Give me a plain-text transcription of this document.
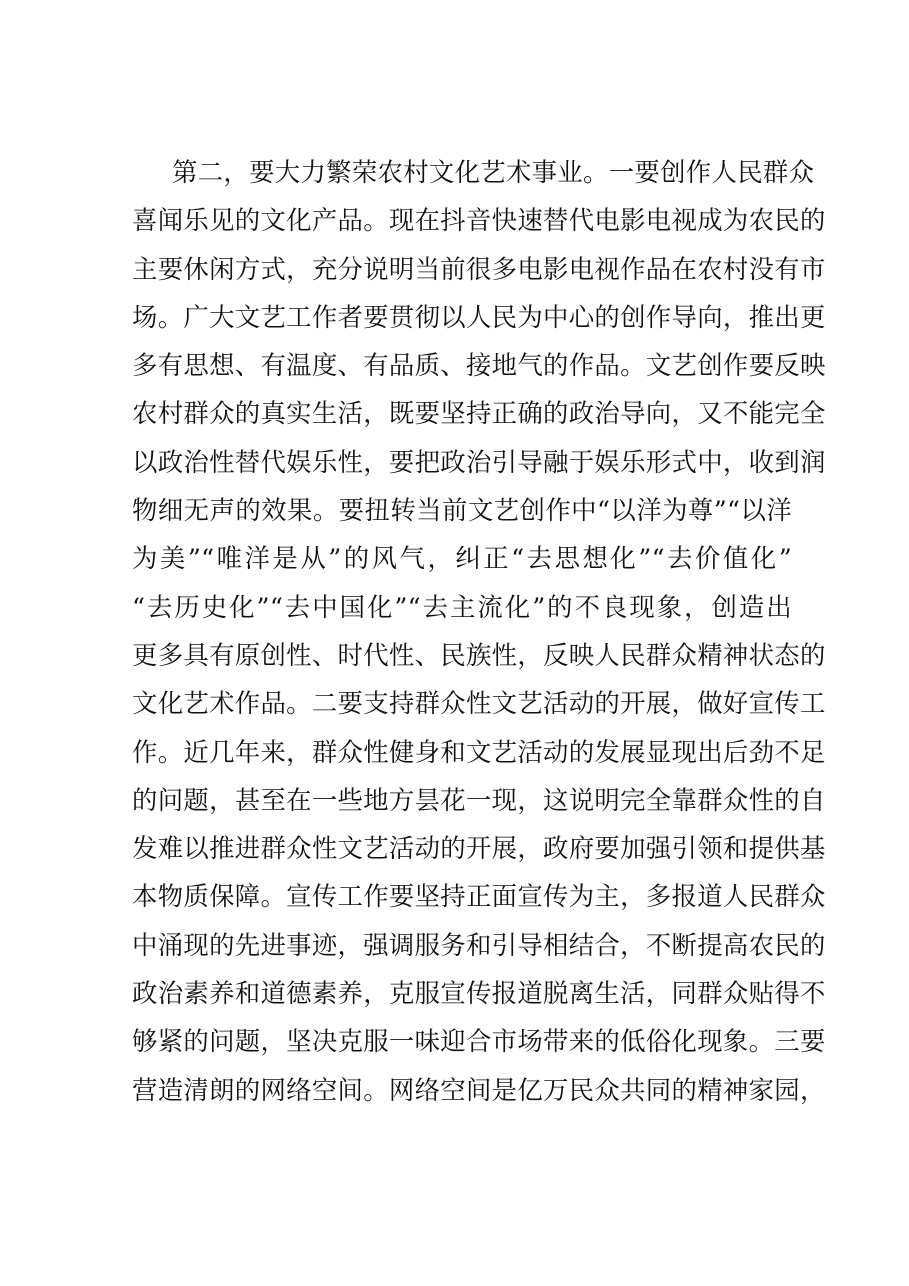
第二，要大力繁荣农村文化艺术事业。一要创作人民群众
喜闻乐见的文化产品。现在抖音快速替代电影电视成为农民的
主要休闲方式，充分说明当前很多电影电视作品在农村没有市
场。广大文艺工作者要贯彻以人民为中心的创作导向，推出更
多有思想、有温度、有品质、接地气的作品。文艺创作要反映
农村群众的真实生活，既要坚持正确的政治导向，又不能完全
以政治性替代娱乐性，要把政治引导融于娱乐形式中，收到润
物细无声的效果。要扭转当前文艺创作中“以洋为尊”“以洋
为美”“唯洋是从”的风气，纠正“去思想化”“去价值化”
“去历史化”“去中国化”“去主流化”的不良现象，创造出
更多具有原创性、时代性、民族性，反映人民群众精神状态的
文化艺术作品。二要支持群众性文艺活动的开展，做好宣传工
作。近几年来，群众性健身和文艺活动的发展显现出后劲不足
的问题，甚至在一些地方昙花一现，这说明完全靠群众性的自
发难以推进群众性文艺活动的开展，政府要加强引领和提供基
本物质保障。宣传工作要坚持正面宣传为主，多报道人民群众
中涌现的先进事迹，强调服务和引导相结合，不断提高农民的
政治素养和道德素养，克服宣传报道脱离生活，同群众贴得不
够紧的问题，坚决克服一味迎合市场带来的低俗化现象。三要
营造清朗的网络空间。网络空间是亿万民众共同的精神家园，
